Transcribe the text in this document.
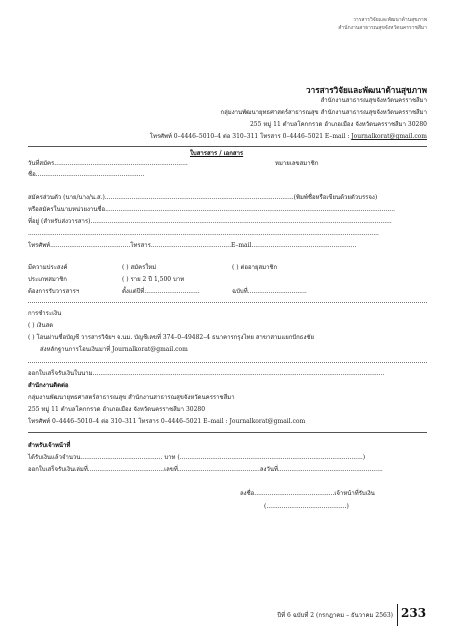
วารสารวิจัยและพัฒนาด้านสุขภาพ
สำนักงานสาธารณสุขจังหวัดนครราชสีมา
วารสารวิจัยและพัฒนาด้านสุขภาพ
สำนักงานสาธารณสุขจังหวัดนครราชสีมา
กลุ่มงานพัฒนายุทธศาสตร์สาธารณสุข สำนักงานสาธารณสุขจังหวัดนครราชสีมา
255 หมู่ 11 ตำบลโคกกรวด อำเภอเมือง จังหวัดนครราชสีมา 30280
โทรศัพท์ 0–4446–5010–4 ต่อ 310–311 โทรสาร 0–4446–5021 E–mail : Journalkorat@gmail.com
ใบสารสาร / เอกสาร
วันที่สมัคร......................................................................	หมายเลขสมาชิก
ชื่อ.........................................................
สมัครส่วนตัว (นาย/นาง/น.ส.)...................................................................................................(พิมพ์ชื่อหรือเขียนด้วยตัวบรรจง)
หรือสมัครในนามหน่วยงานชื่อ........................................................................................................................................................
ที่อยู่ (สำหรับส่งวารสาร)..............................................................................................................................................................
........................................................................................................................................................................................
โทรศัพท์..........................................โทรสาร..........................................E–mail.......................................................
มีความประสงค์	( ) สมัครใหม่	( ) ต่ออายุสมาชิก
ประเภทสมาชิก	( ) ราย 2 ปี 1,500 บาท
ต้องการรับวารสารฯ	ตั้งแต่ปีที่.............................	ฉบับที่...............................
การชำระเงิน
( ) เงินสด
( ) โอนผ่านชื่อบัญชี วารสารวิจัยฯ จ.นม. บัญชีเลขที่ 374–0–49482–4 ธนาคารกรุงไทย สาขาสามแยกปักธงชัย
ส่งหลักฐานการโอนเงินมาที่ Journalkorat@gmail.com
ออกใบเสร็จรับเงินในนาม.........................................................................................................................................................
สำนักงานติดต่อ
กลุ่มงานพัฒนายุทธศาสตร์สาธารณสุข สำนักงานสาธารณสุขจังหวัดนครราชสีมา
255 หมู่ 11 ตำบลโคกกรวด อำเภอเมือง จังหวัดนครราชสีมา 30280
โทรศัพท์ 0–4446–5010–4 ต่อ 310–311 โทรสาร 0–4446–5021 E–mail : Journalkorat@gmail.com
สำหรับเจ้าหน้าที่
ได้รับเงินแล้วจำนวน........................................... บาท (................................................................................................)
ออกใบเสร็จรับเงินเล่มที่........................................เลขที่...........................................ลงวันที่.......................................................
ลงชื่อ..........................................เจ้าหน้าที่รับเงิน
(..........................................)
ปีที่ 6 ฉบับที่ 2 (กรกฎาคม – ธันวาคม 2563) 233
